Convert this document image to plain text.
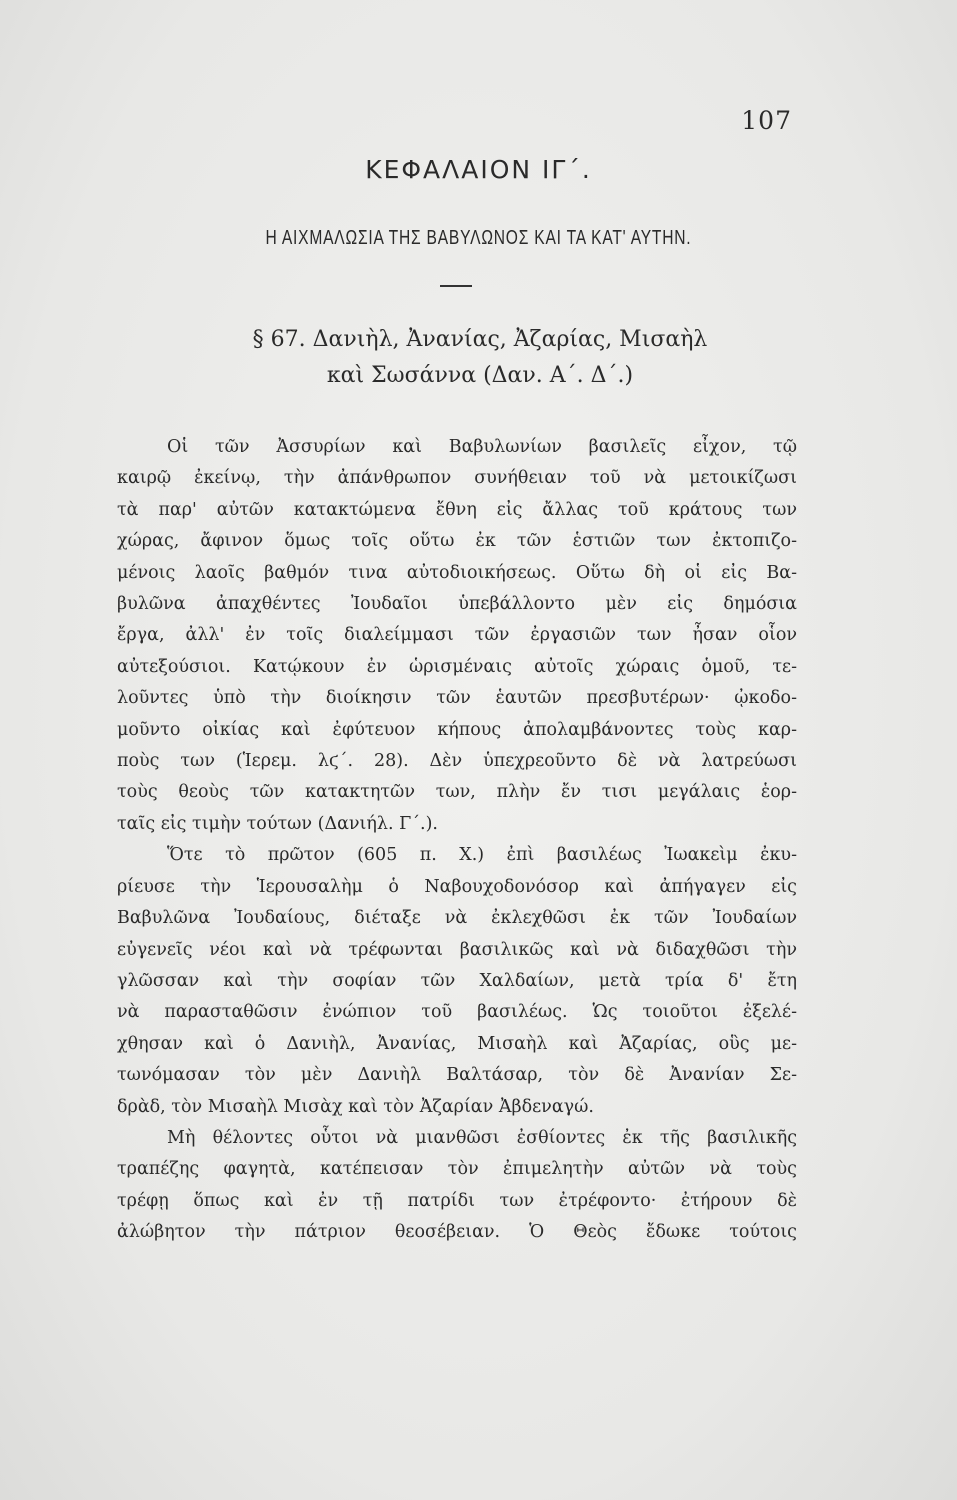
107
ΚΕΦΑΛΑΙΟΝ ΙΓ΄.
Η ΑΙΧΜΑΛΩΣΙΑ ΤΗΣ ΒΑΒΥΛΩΝΟΣ ΚΑΙ ΤΑ ΚΑΤ' ΑΥΤΗΝ.
§ 67. Δανιὴλ, Ἀνανίας, Ἀζαρίας, Μισαὴλ
καὶ Σωσάννα (Δαν. Α΄. Δ΄.)
Οἱ τῶν Ἀσσυρίων καὶ Βαβυλωνίων βασιλεῖς εἶχον, τῷ
καιρῷ ἐκείνῳ, τὴν ἀπάνθρωπον συνήθειαν τοῦ νὰ μετοικίζωσι
τὰ παρ' αὐτῶν κατακτώμενα ἔθνη εἰς ἄλλας τοῦ κράτους των
χώρας, ἄφινον ὅμως τοῖς οὕτω ἐκ τῶν ἑστιῶν των ἐκτοπιζο-
μένοις λαοῖς βαθμόν τινα αὐτοδιοικήσεως. Οὕτω δὴ οἱ εἰς Βα-
βυλῶνα ἀπαχθέντες Ἰουδαῖοι ὑπεβάλλοντο μὲν εἰς δημόσια
ἔργα, ἀλλ' ἐν τοῖς διαλείμμασι τῶν ἐργασιῶν των ἦσαν οἷον
αὐτεξούσιοι. Κατῴκουν ἐν ὡρισμέναις αὐτοῖς χώραις ὁμοῦ, τε-
λοῦντες ὑπὸ τὴν διοίκησιν τῶν ἑαυτῶν πρεσβυτέρων· ᾠκοδο-
μοῦντο οἰκίας καὶ ἐφύτευον κήπους ἀπολαμβάνοντες τοὺς καρ-
ποὺς των (Ἱερεμ. λϛ΄. 28). Δὲν ὑπεχρεοῦντο δὲ νὰ λατρεύωσι
τοὺς θεοὺς τῶν κατακτητῶν των, πλὴν ἔν τισι μεγάλαις ἑορ-
ταῖς εἰς τιμὴν τούτων (Δανιήλ. Γ΄.).
Ὅτε τὸ πρῶτον (605 π. Χ.) ἐπὶ βασιλέως Ἰωακεὶμ ἐκυ-
ρίευσε τὴν Ἱερουσαλὴμ ὁ Ναβουχοδονόσορ καὶ ἀπήγαγεν εἰς
Βαβυλῶνα Ἰουδαίους, διέταξε νὰ ἐκλεχθῶσι ἐκ τῶν Ἰουδαίων
εὐγενεῖς νέοι καὶ νὰ τρέφωνται βασιλικῶς καὶ νὰ διδαχθῶσι τὴν
γλῶσσαν καὶ τὴν σοφίαν τῶν Χαλδαίων, μετὰ τρία δ' ἔτη
νὰ παρασταθῶσιν ἐνώπιον τοῦ βασιλέως. Ὡς τοιοῦτοι ἐξελέ-
χθησαν καὶ ὁ Δανιὴλ, Ἀνανίας, Μισαὴλ καὶ Ἀζαρίας, οὓς με-
τωνόμασαν τὸν μὲν Δανιὴλ Βαλτάσαρ, τὸν δὲ Ἀνανίαν Σε-
δρὰδ, τὸν Μισαὴλ Μισὰχ καὶ τὸν Ἀζαρίαν Ἀβδεναγώ.
Μὴ θέλοντες οὗτοι νὰ μιανθῶσι ἐσθίοντες ἐκ τῆς βασιλικῆς
τραπέζης φαγητὰ, κατέπεισαν τὸν ἐπιμελητὴν αὐτῶν νὰ τοὺς
τρέφῃ ὅπως καὶ ἐν τῇ πατρίδι των ἐτρέφοντο· ἐτήρουν δὲ
ἀλώβητον τὴν πάτριον θεοσέβειαν. Ὁ Θεὸς ἔδωκε τούτοις
